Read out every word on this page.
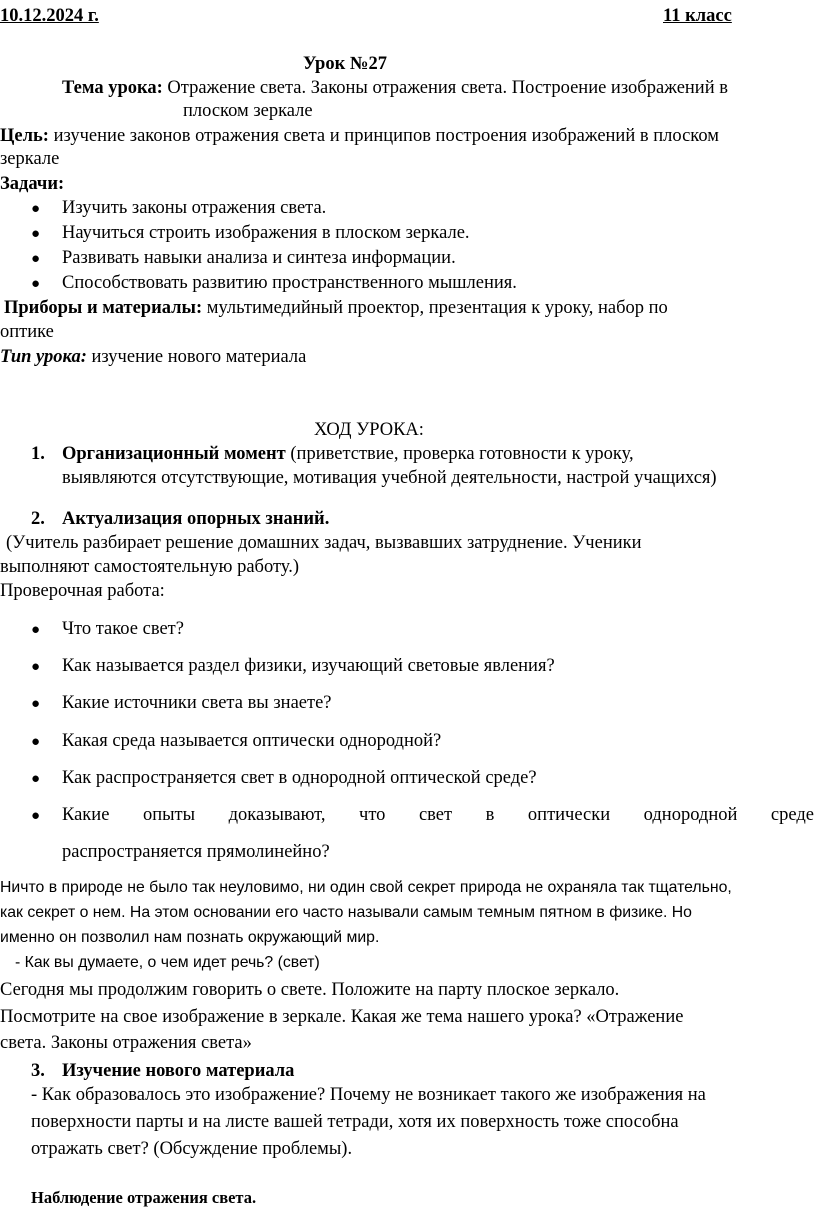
10.12.2024 г.	11 класс
Урок №27
Тема урока: Отражение света. Законы отражения света. Построение изображений в
плоском зеркале
Цель: изучение законов отражения света и принципов построения изображений в плоском
зеркале
Задачи:
● Изучить законы отражения света.
● Научиться строить изображения в плоском зеркале.
● Развивать навыки анализа и синтеза информации.
● Способствовать развитию пространственного мышления.
Приборы и материалы: мультимедийный проектор, презентация к уроку, набор по
оптике
Тип урока: изучение нового материала
ХОД УРОКА:
1. Организационный момент (приветствие, проверка готовности к уроку,
выявляются отсутствующие, мотивация учебной деятельности, настрой учащихся)
2. Актуализация опорных знаний.
(Учитель разбирает решение домашних задач, вызвавших затруднение. Ученики
выполняют самостоятельную работу.)
Проверочная работа:
● Что такое свет?
● Как называется раздел физики, изучающий световые явления?
● Какие источники света вы знаете?
● Какая среда называется оптически однородной?
● Как распространяется свет в однородной оптической среде?
● Какие опыты доказывают, что свет в оптически однородной среде
распространяется прямолинейно?
Ничто в природе не было так неуловимо, ни один свой секрет природа не охраняла так тщательно,
как секрет о нем. На этом основании его часто называли самым темным пятном в физике. Но
именно он позволил нам познать окружающий мир.
- Как вы думаете, о чем идет речь? (свет)
Сегодня мы продолжим говорить о свете. Положите на парту плоское зеркало.
Посмотрите на свое изображение в зеркале. Какая же тема нашего урока? «Отражение
света. Законы отражения света»
3. Изучение нового материала
- Как образовалось это изображение? Почему не возникает такого же изображения на
поверхности парты и на листе вашей тетради, хотя их поверхность тоже способна
отражать свет? (Обсуждение проблемы).
Наблюдение отражения света.
